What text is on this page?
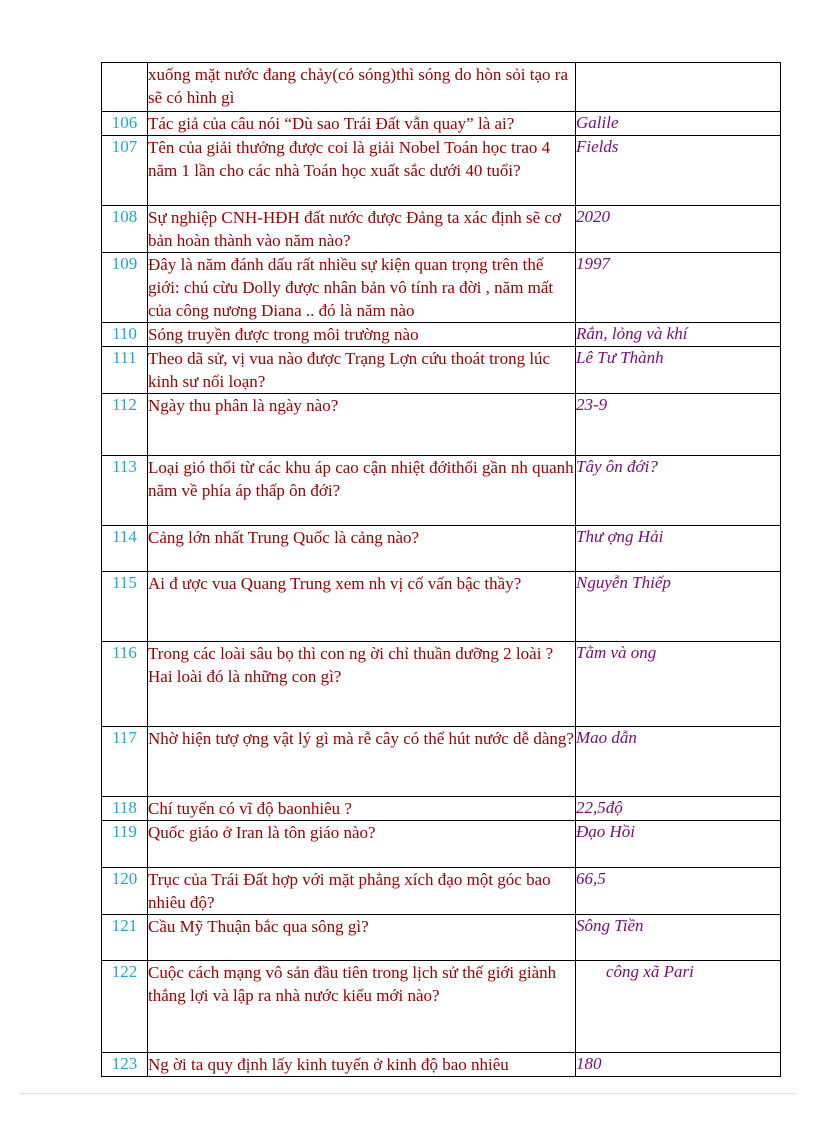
	xuống mặt nước đang chảy(có sóng)thì sóng do hòn sỏi tạo ra sẽ có hình gì	
106	Tác giả của câu nói “Dù sao Trái Đất vẫn quay” là ai?	Galile
107	Tên của giải thưởng được coi là giải Nobel Toán học trao 4 năm 1 lần cho các nhà Toán học xuất sắc dưới 40 tuổi?	Fields
108	Sự nghiệp CNH-HĐH đất nước được Đảng ta xác định sẽ cơ bản hoàn thành vào năm nào?	2020
109	Đây là năm đánh dấu rất nhiều sự kiện quan trọng trên thế giới: chú cừu Dolly được nhân bản vô tính ra đời , năm mất của công nương Diana .. đó là năm nào	1997
110	Sóng truyền được trong môi trường nào	Rắn, lỏng và khí
111	Theo dã sử, vị vua nào được Trạng Lợn cứu thoát trong lúc kinh sư nổi loạn?	Lê Tư Thành
112	Ngày thu phân là ngày nào?	23-9
113	Loại gió thổi từ các khu áp cao cận nhiệt đớithổi gần nh quanh năm về phía áp thấp ôn đới?	Tây ôn đới?
114	Cảng lớn nhất Trung Quốc là cảng nào?	Thư ợng Hải
115	Ai đ ược vua Quang Trung xem nh vị cố vấn bậc thầy?	Nguyễn Thiếp
116	Trong các loài sâu bọ thì con ng ời chỉ thuần dưỡng 2 loài ? Hai loài đó là những con gì?	Tằm và ong
117	Nhờ hiện tượ ợng vật lý gì mà rễ cây có thể hút nước dễ dàng?	Mao dẫn
118	Chí tuyến có vĩ độ baonhiêu ?	22,5độ
119	Quốc giáo ở Iran là tôn giáo nào?	Đạo Hồi
120	Trục của Trái Đất hợp với mặt phẳng xích đạo một góc bao nhiêu độ?	66,5
121	Cầu Mỹ Thuận bắc qua sông gì?	Sông Tiền
122	Cuộc cách mạng vô sản đầu tiên trong lịch sử thế giới giành thắng lợi và lập ra nhà nước kiểu mới nào?	công xã Pari
123	Ng ời ta quy định lấy kinh tuyến ở kinh độ bao nhiêu	180
